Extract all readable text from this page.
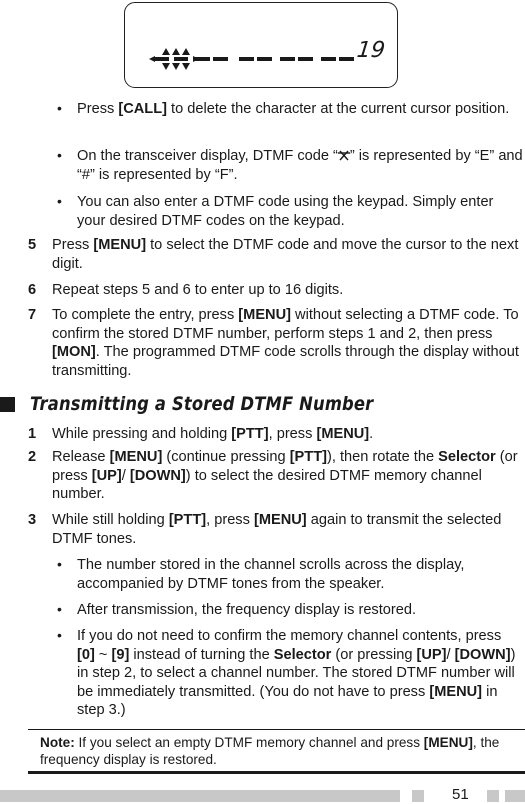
19
• Press [CALL] to delete the character at the current cursor position.
• On the transceiver display, DTMF code “ ” is represented by “E” and “#” is represented by “F”.
• You can also enter a DTMF code using the keypad. Simply enter your desired DTMF codes on the keypad.
5 Press [MENU] to select the DTMF code and move the cursor to the next digit.
6 Repeat steps 5 and 6 to enter up to 16 digits.
7 To complete the entry, press [MENU] without selecting a DTMF code. To confirm the stored DTMF number, perform steps 1 and 2, then press [MON]. The programmed DTMF code scrolls through the display without transmitting.
Transmitting a Stored DTMF Number
1 While pressing and holding [PTT], press [MENU].
2 Release [MENU] (continue pressing [PTT]), then rotate the Selector (or press [UP]/ [DOWN]) to select the desired DTMF memory channel number.
3 While still holding [PTT], press [MENU] again to transmit the selected DTMF tones.
• The number stored in the channel scrolls across the display, accompanied by DTMF tones from the speaker.
• After transmission, the frequency display is restored.
• If you do not need to confirm the memory channel contents, press [0] ~ [9] instead of turning the Selector (or pressing [UP]/ [DOWN]) in step 2, to select a channel number. The stored DTMF number will be immediately transmitted. (You do not have to press [MENU] in step 3.)
Note: If you select an empty DTMF memory channel and press [MENU], the frequency display is restored.
51
